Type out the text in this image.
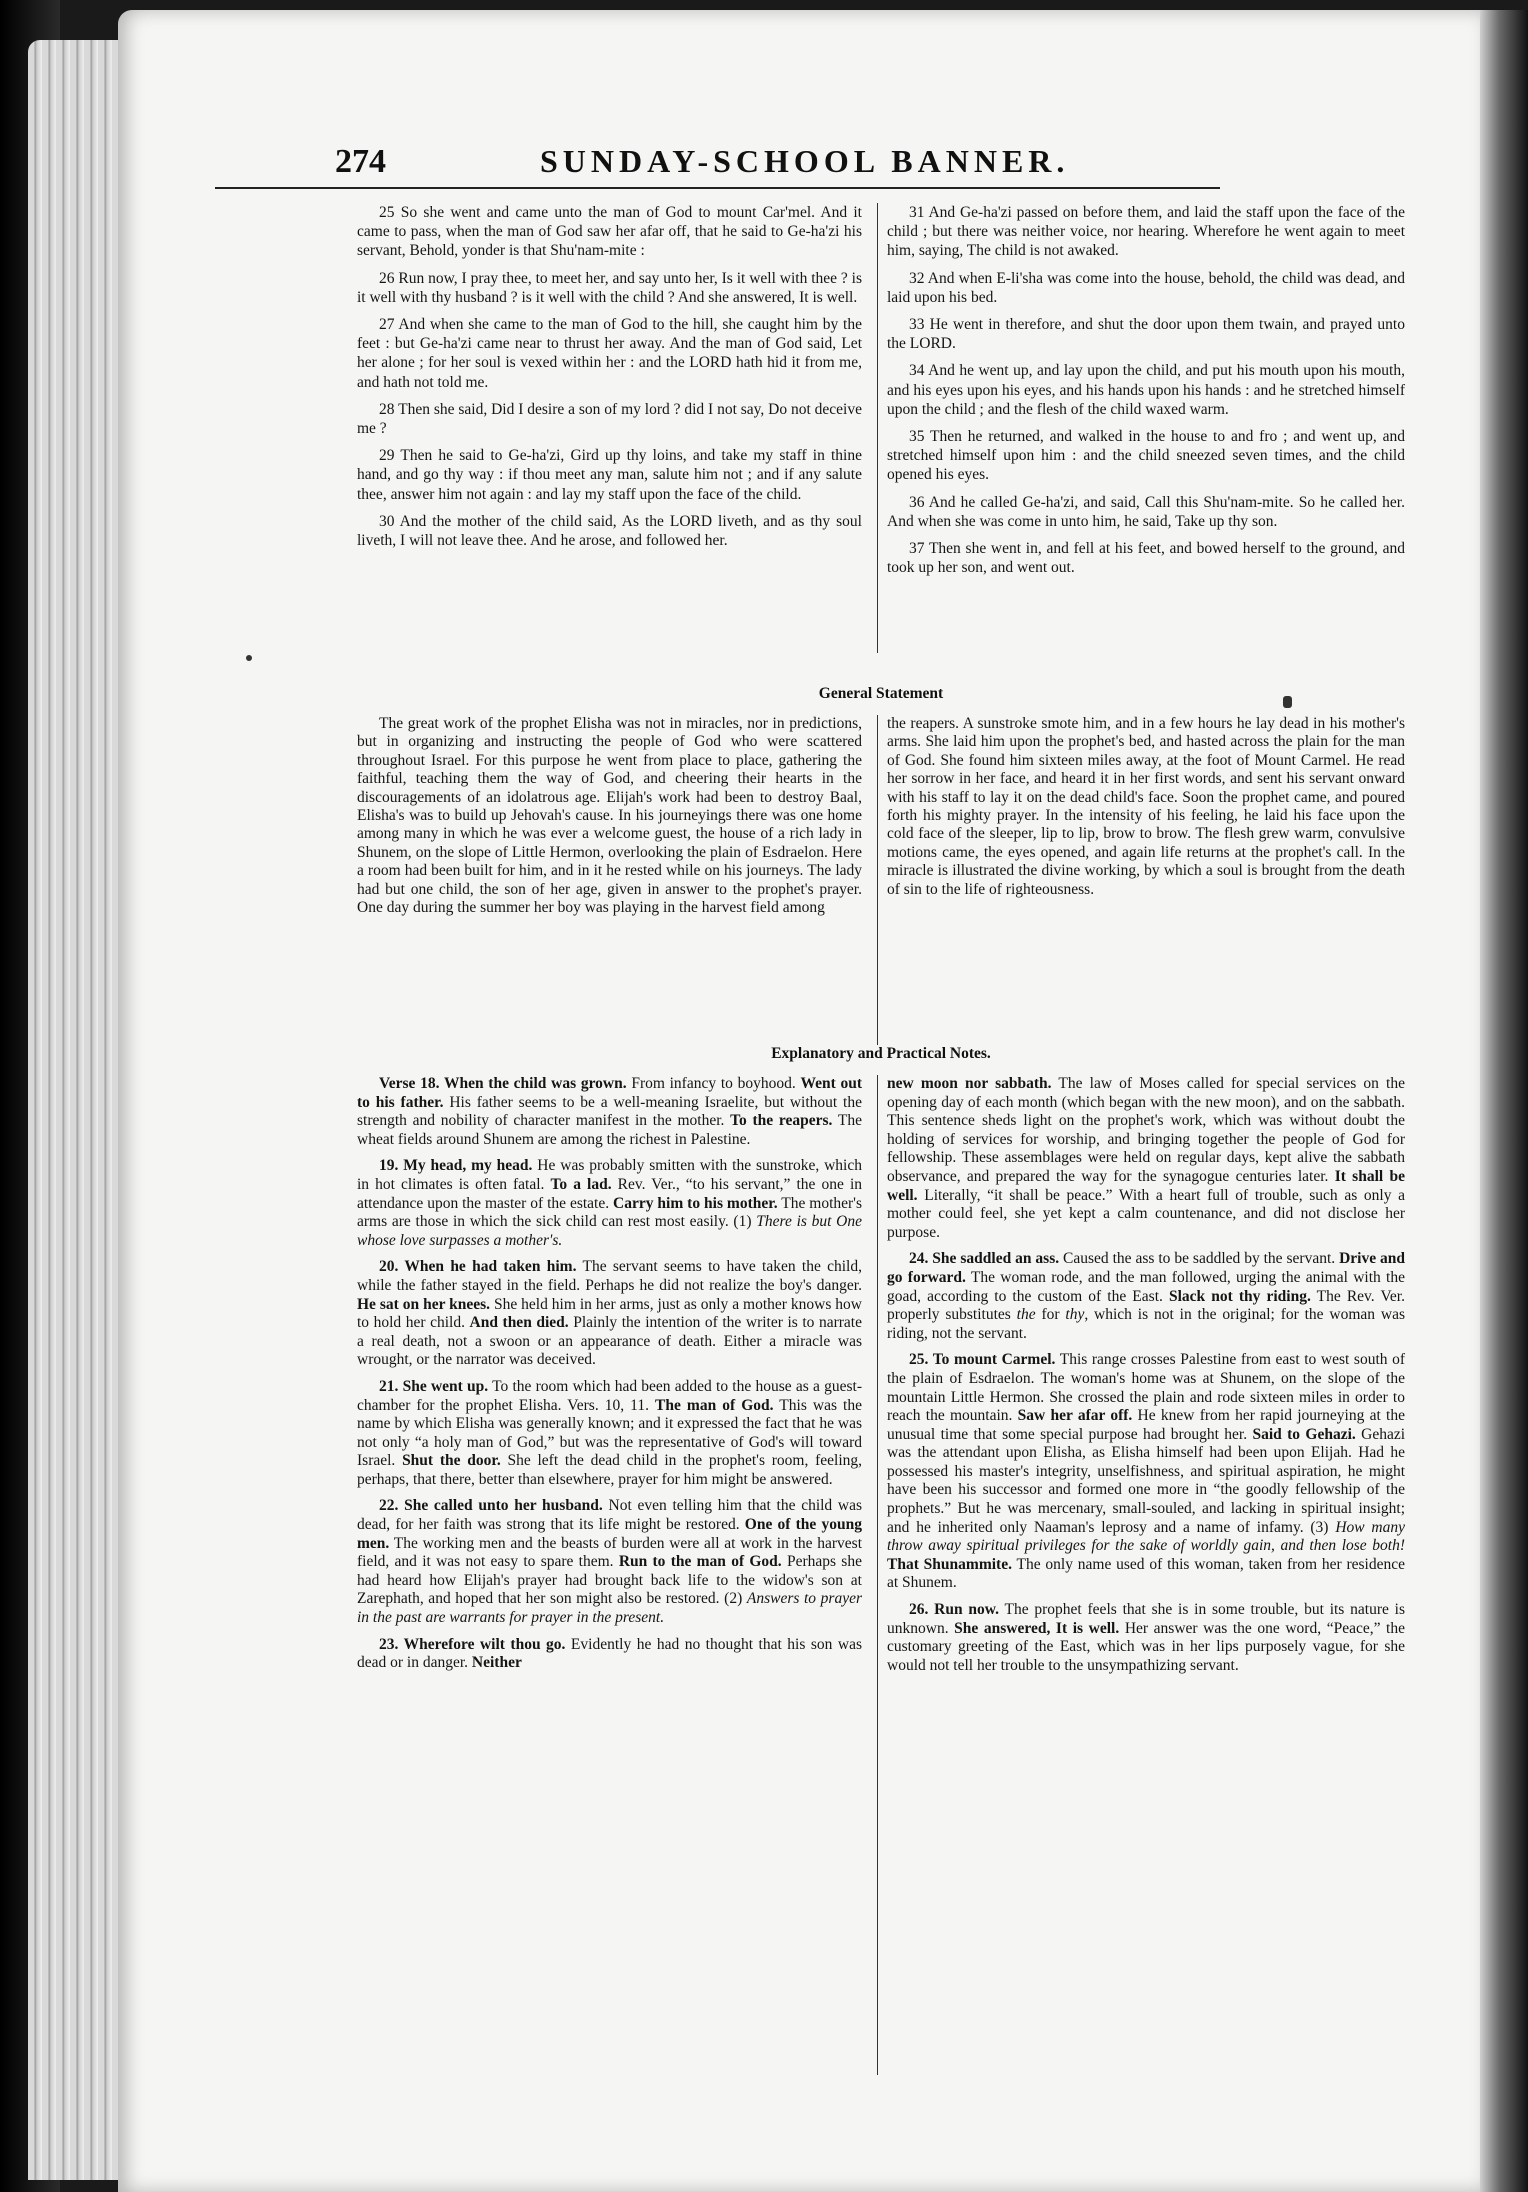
274	SUNDAY-SCHOOL BANNER.

25 So she went and came unto the man of God to mount Car'mel. And it came to pass, when the man of God saw her afar off, that he said to Ge-ha'zi his servant, Behold, yonder is that Shu'nam-mite :

26 Run now, I pray thee, to meet her, and say unto her, Is it well with thee ? is it well with thy husband ? is it well with the child ? And she answered, It is well.

27 And when she came to the man of God to the hill, she caught him by the feet : but Ge-ha'zi came near to thrust her away. And the man of God said, Let her alone ; for her soul is vexed within her : and the LORD hath hid it from me, and hath not told me.

28 Then she said, Did I desire a son of my lord ? did I not say, Do not deceive me ?

29 Then he said to Ge-ha'zi, Gird up thy loins, and take my staff in thine hand, and go thy way : if thou meet any man, salute him not ; and if any salute thee, answer him not again : and lay my staff upon the face of the child.

30 And the mother of the child said, As the LORD liveth, and as thy soul liveth, I will not leave thee. And he arose, and followed her.

31 And Ge-ha'zi passed on before them, and laid the staff upon the face of the child ; but there was neither voice, nor hearing. Wherefore he went again to meet him, saying, The child is not awaked.

32 And when E-li'sha was come into the house, behold, the child was dead, and laid upon his bed.

33 He went in therefore, and shut the door upon them twain, and prayed unto the LORD.

34 And he went up, and lay upon the child, and put his mouth upon his mouth, and his eyes upon his eyes, and his hands upon his hands : and he stretched himself upon the child ; and the flesh of the child waxed warm.

35 Then he returned, and walked in the house to and fro ; and went up, and stretched himself upon him : and the child sneezed seven times, and the child opened his eyes.

36 And he called Ge-ha'zi, and said, Call this Shu'nam-mite. So he called her. And when she was come in unto him, he said, Take up thy son.

37 Then she went in, and fell at his feet, and bowed herself to the ground, and took up her son, and went out.

General Statement

The great work of the prophet Elisha was not in miracles, nor in predictions, but in organizing and instructing the people of God who were scattered throughout Israel. For this purpose he went from place to place, gathering the faithful, teaching them the way of God, and cheering their hearts in the discouragements of an idolatrous age. Elijah's work had been to destroy Baal, Elisha's was to build up Jehovah's cause. In his journeyings there was one home among many in which he was ever a welcome guest, the house of a rich lady in Shunem, on the slope of Little Hermon, overlooking the plain of Esdraelon. Here a room had been built for him, and in it he rested while on his journeys. The lady had but one child, the son of her age, given in answer to the prophet's prayer. One day during the summer her boy was playing in the harvest field among

the reapers. A sunstroke smote him, and in a few hours he lay dead in his mother's arms. She laid him upon the prophet's bed, and hasted across the plain for the man of God. She found him sixteen miles away, at the foot of Mount Carmel. He read her sorrow in her face, and heard it in her first words, and sent his servant onward with his staff to lay it on the dead child's face. Soon the prophet came, and poured forth his mighty prayer. In the intensity of his feeling, he laid his face upon the cold face of the sleeper, lip to lip, brow to brow. The flesh grew warm, convulsive motions came, the eyes opened, and again life returns at the prophet's call. In the miracle is illustrated the divine working, by which a soul is brought from the death of sin to the life of righteousness.

Explanatory and Practical Notes.

Verse 18. When the child was grown. From infancy to boyhood. Went out to his father. His father seems to be a well-meaning Israelite, but without the strength and nobility of character manifest in the mother. To the reapers. The wheat fields around Shunem are among the richest in Palestine.

19. My head, my head. He was probably smitten with the sunstroke, which in hot climates is often fatal. To a lad. Rev. Ver., “to his servant,” the one in attendance upon the master of the estate. Carry him to his mother. The mother's arms are those in which the sick child can rest most easily. (1) There is but One whose love surpasses a mother's.

20. When he had taken him. The servant seems to have taken the child, while the father stayed in the field. Perhaps he did not realize the boy's danger. He sat on her knees. She held him in her arms, just as only a mother knows how to hold her child. And then died. Plainly the intention of the writer is to narrate a real death, not a swoon or an appearance of death. Either a miracle was wrought, or the narrator was deceived.

21. She went up. To the room which had been added to the house as a guest-chamber for the prophet Elisha. Vers. 10, 11. The man of God. This was the name by which Elisha was generally known; and it expressed the fact that he was not only “a holy man of God,” but was the representative of God's will toward Israel. Shut the door. She left the dead child in the prophet's room, feeling, perhaps, that there, better than elsewhere, prayer for him might be answered.

22. She called unto her husband. Not even telling him that the child was dead, for her faith was strong that its life might be restored. One of the young men. The working men and the beasts of burden were all at work in the harvest field, and it was not easy to spare them. Run to the man of God. Perhaps she had heard how Elijah's prayer had brought back life to the widow's son at Zarephath, and hoped that her son might also be restored. (2) Answers to prayer in the past are warrants for prayer in the present.

23. Wherefore wilt thou go. Evidently he had no thought that his son was dead or in danger. Neither

new moon nor sabbath. The law of Moses called for special services on the opening day of each month (which began with the new moon), and on the sabbath. This sentence sheds light on the prophet's work, which was without doubt the holding of services for worship, and bringing together the people of God for fellowship. These assemblages were held on regular days, kept alive the sabbath observance, and prepared the way for the synagogue centuries later. It shall be well. Literally, “it shall be peace.” With a heart full of trouble, such as only a mother could feel, she yet kept a calm countenance, and did not disclose her purpose.

24. She saddled an ass. Caused the ass to be saddled by the servant. Drive and go forward. The woman rode, and the man followed, urging the animal with the goad, according to the custom of the East. Slack not thy riding. The Rev. Ver. properly substitutes the for thy, which is not in the original; for the woman was riding, not the servant.

25. To mount Carmel. This range crosses Palestine from east to west south of the plain of Esdraelon. The woman's home was at Shunem, on the slope of the mountain Little Hermon. She crossed the plain and rode sixteen miles in order to reach the mountain. Saw her afar off. He knew from her rapid journeying at the unusual time that some special purpose had brought her. Said to Gehazi. Gehazi was the attendant upon Elisha, as Elisha himself had been upon Elijah. Had he possessed his master's integrity, unselfishness, and spiritual aspiration, he might have been his successor and formed one more in “the goodly fellowship of the prophets.” But he was mercenary, small-souled, and lacking in spiritual insight; and he inherited only Naaman's leprosy and a name of infamy. (3) How many throw away spiritual privileges for the sake of worldly gain, and then lose both! That Shunammite. The only name used of this woman, taken from her residence at Shunem.

26. Run now. The prophet feels that she is in some trouble, but its nature is unknown. She answered, It is well. Her answer was the one word, “Peace,” the customary greeting of the East, which was in her lips purposely vague, for she would not tell her trouble to the unsympathizing servant.
